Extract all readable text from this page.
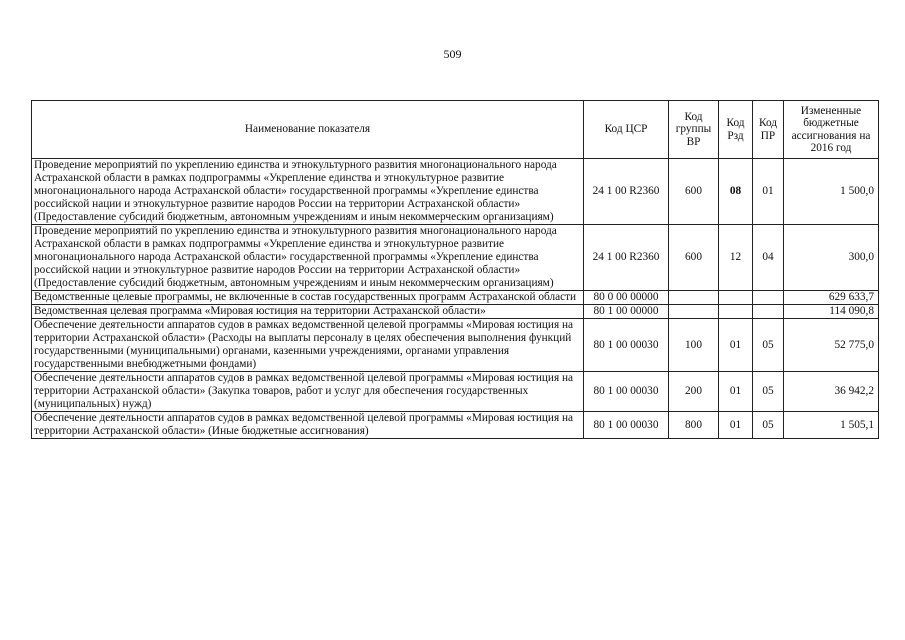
509
Наименование показателя	Код ЦСР	Код группы ВР	Код Рзд	Код ПР	Измененные бюджетные ассигнования на 2016 год
Проведение мероприятий по укреплению единства и этнокультурного развития многонационального народа Астраханской области в рамках подпрограммы «Укрепление единства и этнокультурное развитие многонационального народа Астраханской области» государственной программы «Укрепление единства российской нации и этнокультурное развитие народов России на территории Астраханской области» (Предоставление субсидий бюджетным, автономным учреждениям и иным некоммерческим организациям)	24 1 00 R2360	600	08	01	1 500,0
Проведение мероприятий по укреплению единства и этнокультурного развития многонационального народа Астраханской области в рамках подпрограммы «Укрепление единства и этнокультурное развитие многонационального народа Астраханской области» государственной программы «Укрепление единства российской нации и этнокультурное развитие народов России на территории Астраханской области» (Предоставление субсидий бюджетным, автономным учреждениям и иным некоммерческим организациям)	24 1 00 R2360	600	12	04	300,0
Ведомственные целевые программы, не включенные в состав государственных программ Астраханской области	80 0 00 00000				629 633,7
Ведомственная целевая программа «Мировая юстиция на территории Астраханской области»	80 1 00 00000				114 090,8
Обеспечение деятельности аппаратов судов в рамках ведомственной целевой программы «Мировая юстиция на территории Астраханской области» (Расходы на выплаты персоналу в целях обеспечения выполнения функций государственными (муниципальными) органами, казенными учреждениями, органами управления государственными внебюджетными фондами)	80 1 00 00030	100	01	05	52 775,0
Обеспечение деятельности аппаратов судов в рамках ведомственной целевой программы «Мировая юстиция на территории Астраханской области» (Закупка товаров, работ и услуг для обеспечения государственных (муниципальных) нужд)	80 1 00 00030	200	01	05	36 942,2
Обеспечение деятельности аппаратов судов в рамках ведомственной целевой программы «Мировая юстиция на территории Астраханской области» (Иные бюджетные ассигнования)	80 1 00 00030	800	01	05	1 505,1
